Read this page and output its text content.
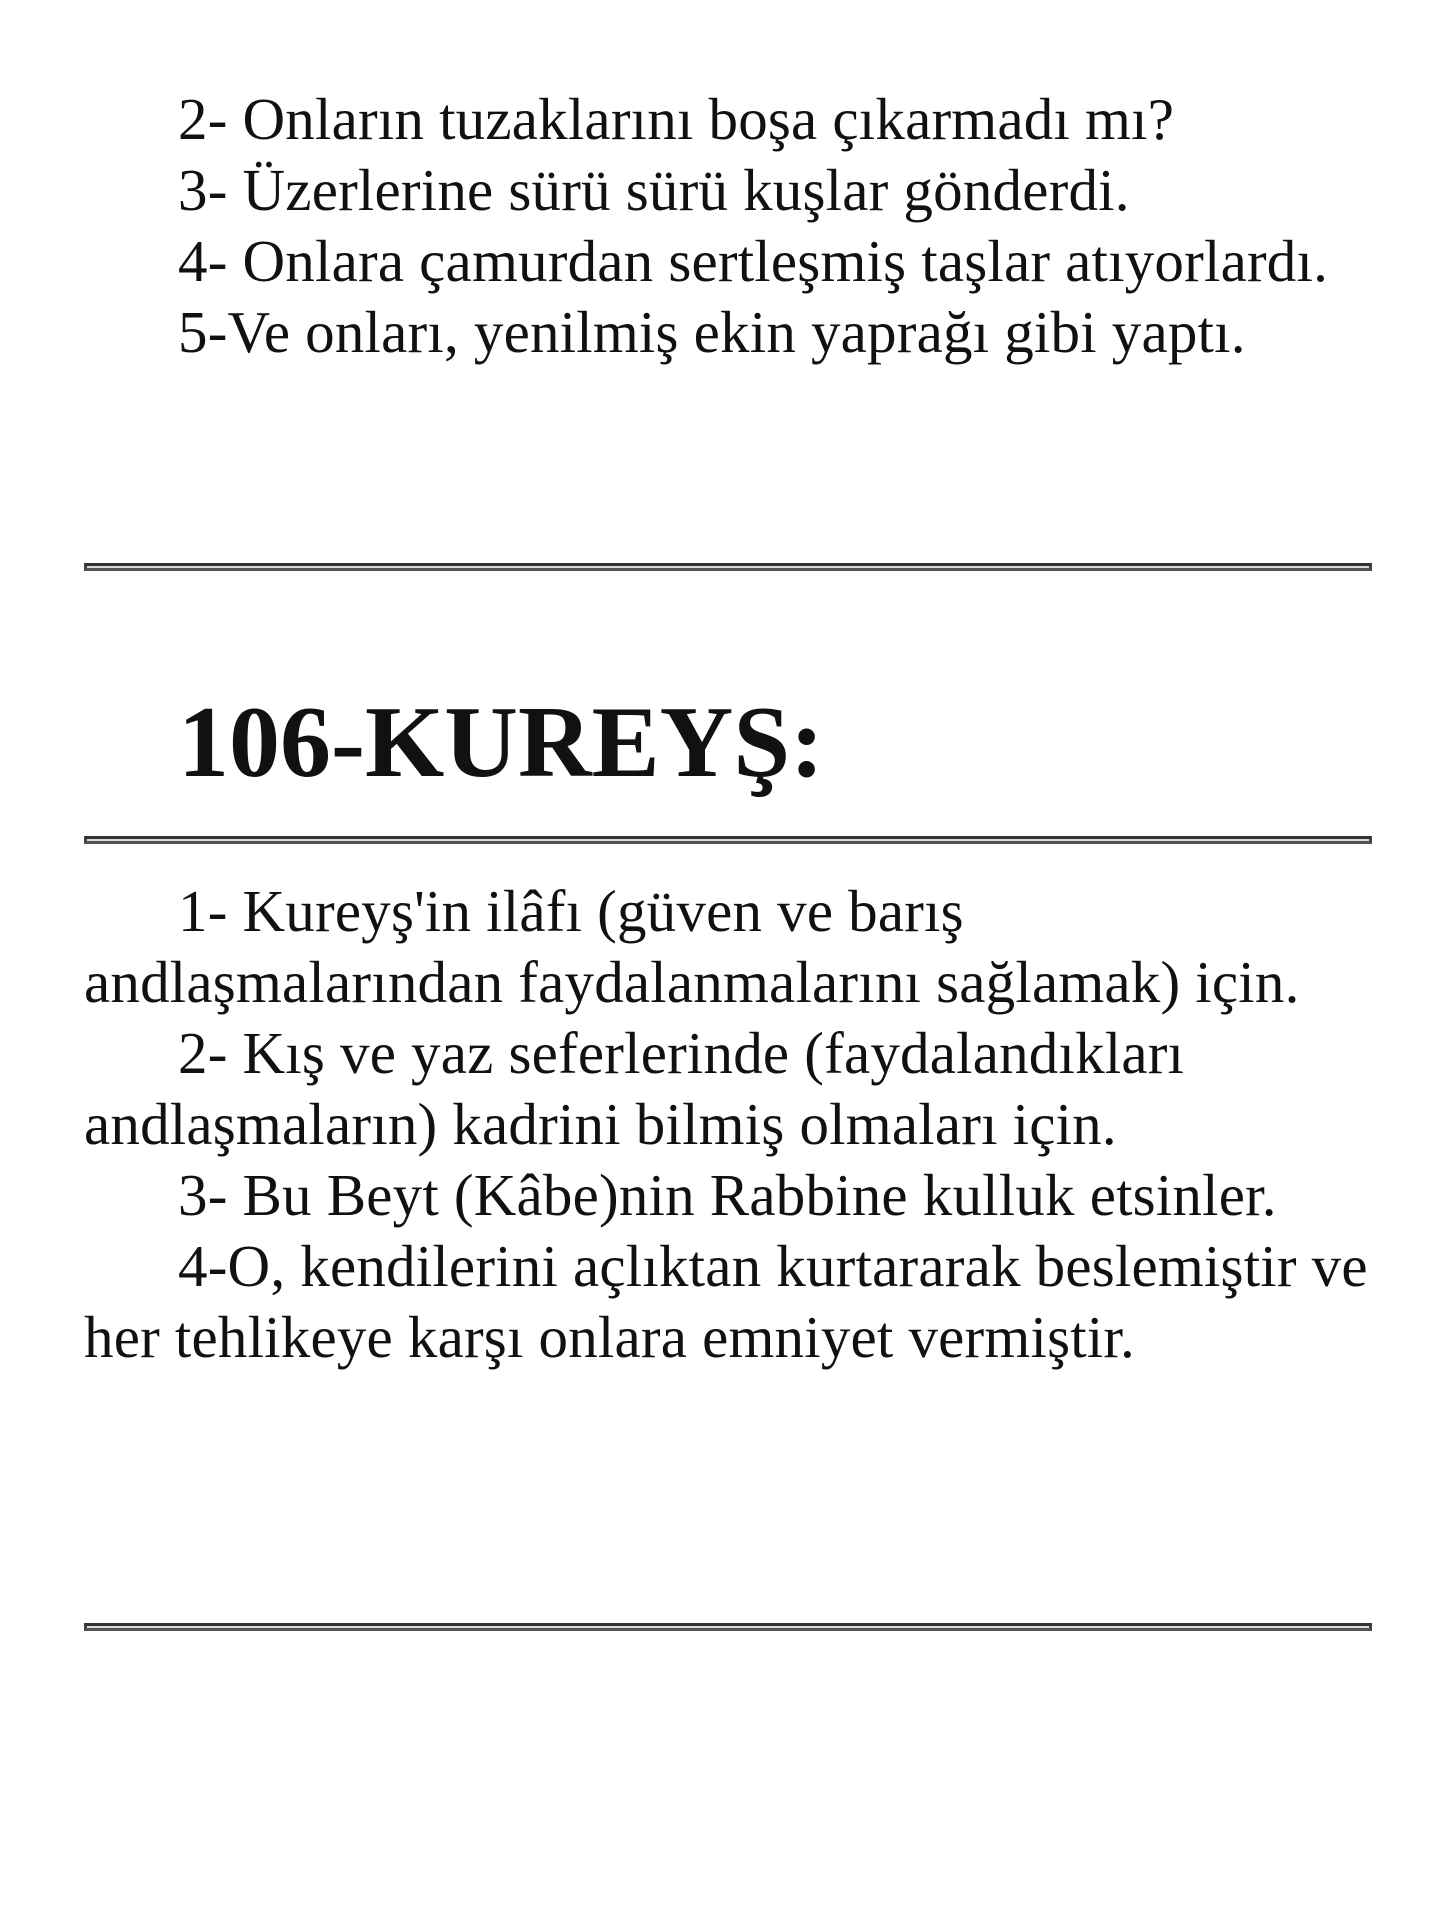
2- Onların tuzaklarını boşa çıkarmadı mı?

3- Üzerlerine sürü sürü kuşlar gönderdi.

4- Onlara çamurdan sertleşmiş taşlar atıyorlardı.

5-Ve onları, yenilmiş ekin yaprağı gibi yaptı.

106-KUREYŞ:

1- Kureyş'in ilâfı (güven ve barış andlaşmalarından faydalanmalarını sağlamak) için.

2- Kış ve yaz seferlerinde (faydalandıkları andlaşmaların) kadrini bilmiş olmaları için.

3- Bu Beyt (Kâbe)nin Rabbine kulluk etsinler.

4-O, kendilerini açlıktan kurtararak beslemiştir ve her tehlikeye karşı onlara emniyet vermiştir.
